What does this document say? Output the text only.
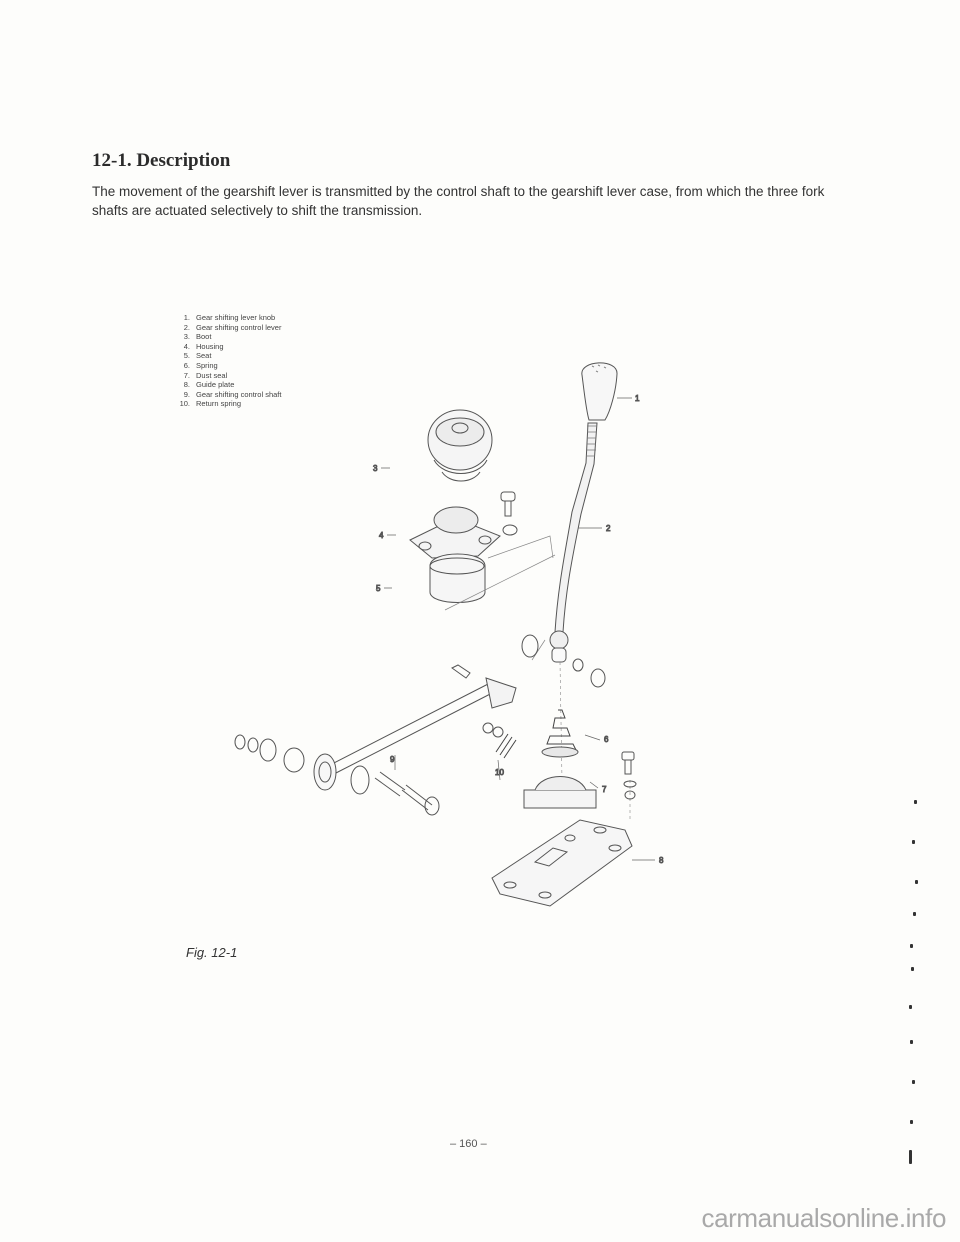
12-1. Description

The movement of the gearshift lever is transmitted by the control shaft to the gearshift lever case, from which the three fork shafts are actuated selectively to shift the transmission.

1. Gear shifting lever knob
2. Gear shifting control lever
3. Boot
4. Housing
5. Seat
6. Spring
7. Dust seal
8. Guide plate
9. Gear shifting control shaft
10. Return spring
1
2
3
4
5
6
7
8
9
10

Fig. 12-1

– 160 –
carmanualsonline.info
